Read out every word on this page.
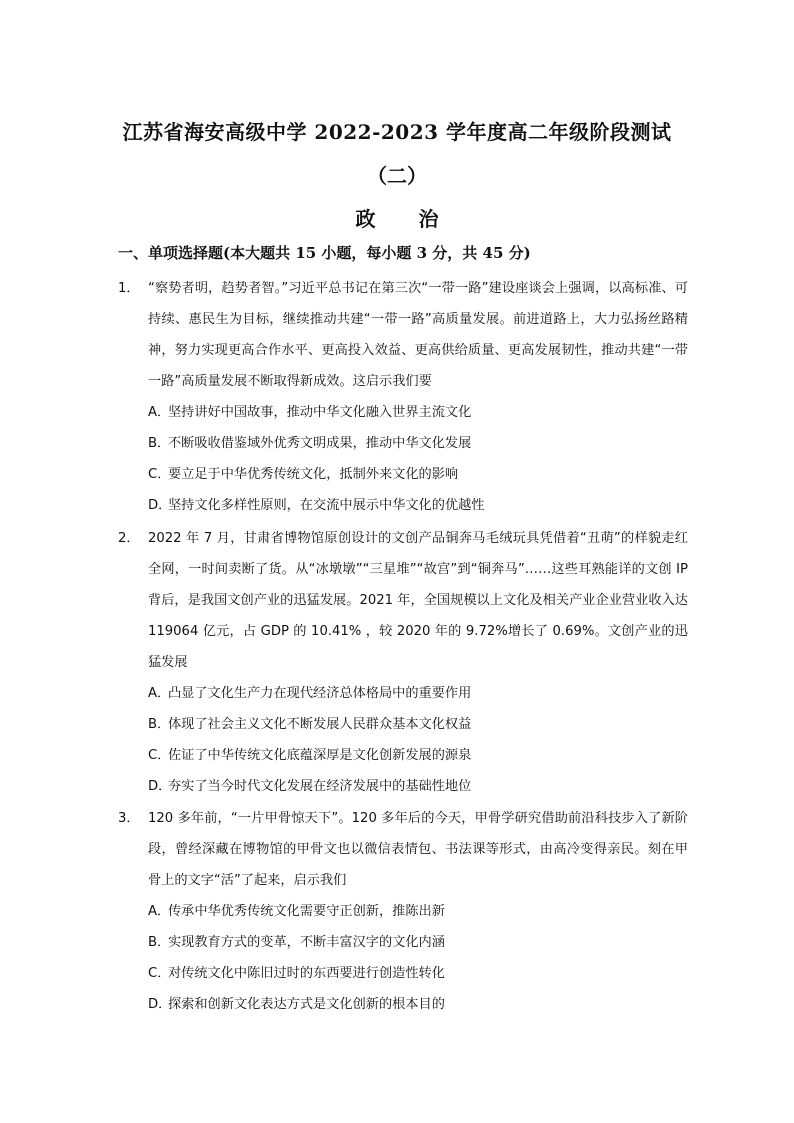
江苏省海安高级中学 2022-2023 学年度高二年级阶段测试
（二）
政 治
一、单项选择题(本大题共 15 小题，每小题 3 分，共 45 分)
1． “察势者明，趋势者智。”习近平总书记在第三次“一带一路”建设座谈会上强调，以高标准、可持续、惠民生为目标，继续推动共建“一带一路”高质量发展。前进道路上，大力弘扬丝路精神，努力实现更高合作水平、更高投入效益、更高供给质量、更高发展韧性，推动共建“一带一路”高质量发展不断取得新成效。这启示我们要
A．坚持讲好中国故事，推动中华文化融入世界主流文化
B．不断吸收借鉴域外优秀文明成果，推动中华文化发展
C．要立足于中华优秀传统文化，抵制外来文化的影响
D．坚持文化多样性原则，在交流中展示中华文化的优越性
2． 2022 年 7 月，甘肃省博物馆原创设计的文创产品铜奔马毛绒玩具凭借着“丑萌”的样貌走红全网，一时间卖断了货。从“冰墩墩”“三星堆”“故宫”到“铜奔马”……这些耳熟能详的文创 IP 背后，是我国文创产业的迅猛发展。2021 年，全国规模以上文化及相关产业企业营业收入达 119064 亿元，占 GDP 的 10.41% ，较 2020 年的 9.72%增长了 0.69%。文创产业的迅猛发展
A．凸显了文化生产力在现代经济总体格局中的重要作用
B．体现了社会主义文化不断发展人民群众基本文化权益
C．佐证了中华传统文化底蕴深厚是文化创新发展的源泉
D．夯实了当今时代文化发展在经济发展中的基础性地位
3． 120 多年前，“一片甲骨惊天下”。120 多年后的今天，甲骨学研究借助前沿科技步入了新阶段，曾经深藏在博物馆的甲骨文也以微信表情包、书法课等形式，由高冷变得亲民。刻在甲骨上的文字“活”了起来，启示我们
A．传承中华优秀传统文化需要守正创新，推陈出新
B．实现教育方式的变革，不断丰富汉字的文化内涵
C．对传统文化中陈旧过时的东西要进行创造性转化
D．探索和创新文化表达方式是文化创新的根本目的
